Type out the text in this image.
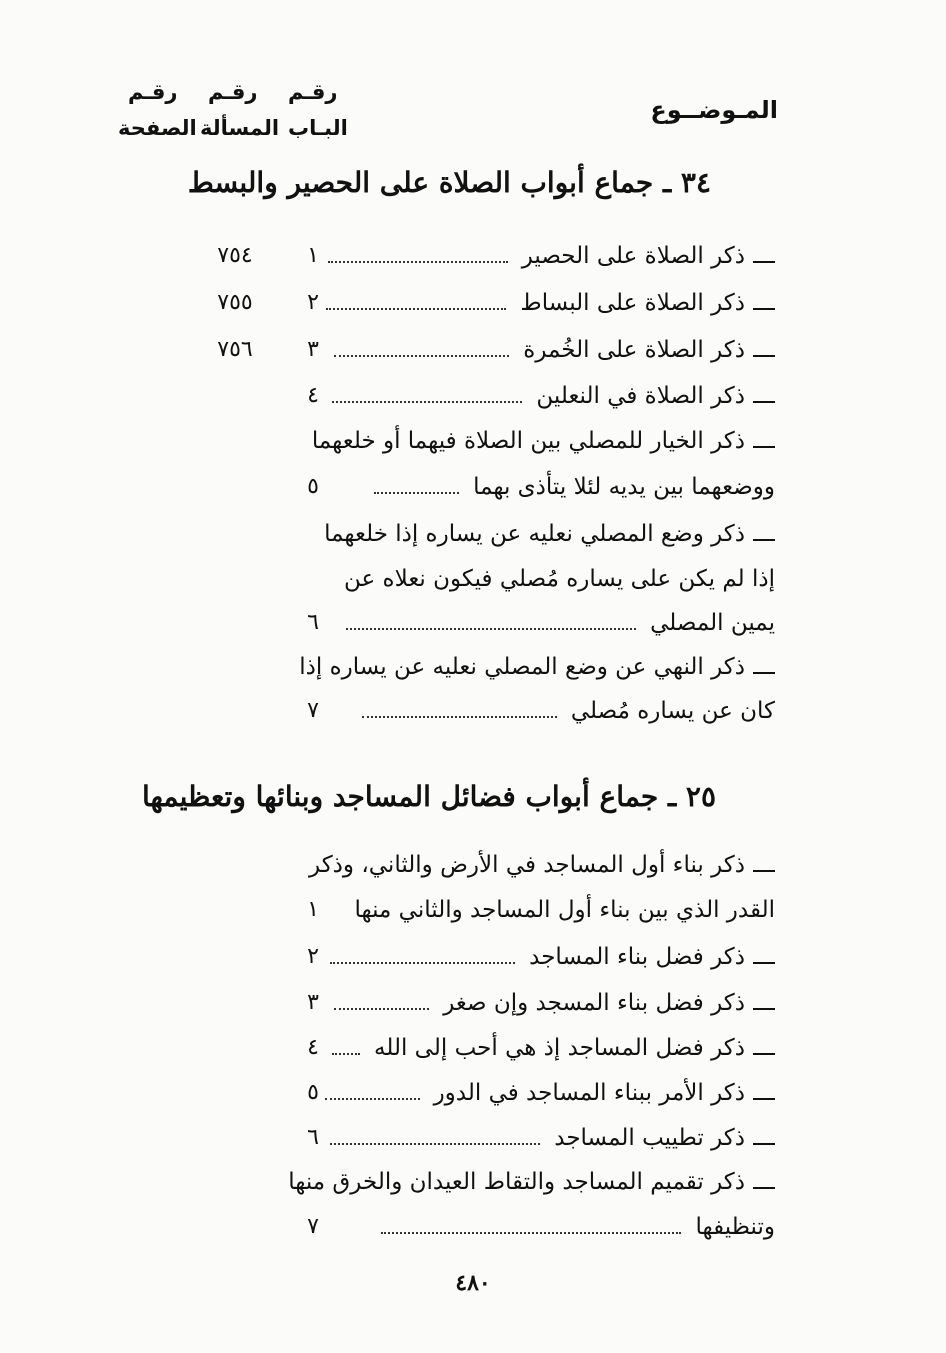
المـوضــوع
رقـم
البـاب
رقـم
المسألة
رقـم
الصفحة
٣٤ ـ جماع أبواب الصلاة على الحصير والبسط
ذكر الصلاة على الحصير
١
٧٥٤
ذكر الصلاة على البساط
٢
٧٥٥
ذكر الصلاة على الخُمرة
٣
٧٥٦
ذكر الصلاة في النعلين
٤
ذكر الخيار للمصلي بين الصلاة فيهما أو خلعهما
ووضعهما بين يديه لئلا يتأذى بهما
٥
ذكر وضع المصلي نعليه عن يساره إذا خلعهما
إذا لم يكن على يساره مُصلي فيكون نعلاه عن
يمين المصلي
٦
ذكر النهي عن وضع المصلي نعليه عن يساره إذا
كان عن يساره مُصلي
٧
٢٥ ـ جماع أبواب فضائل المساجد وبنائها وتعظيمها
ذكر بناء أول المساجد في الأرض والثاني، وذكر
القدر الذي بين بناء أول المساجد والثاني منها
١
ذكر فضل بناء المساجد
٢
ذكر فضل بناء المسجد وإن صغر
٣
ذكر فضل المساجد إذ هي أحب إلى الله
٤
ذكر الأمر ببناء المساجد في الدور
٥
ذكر تطييب المساجد
٦
ذكر تقميم المساجد والتقاط العيدان والخرق منها
وتنظيفها
٧
٤٨٠
